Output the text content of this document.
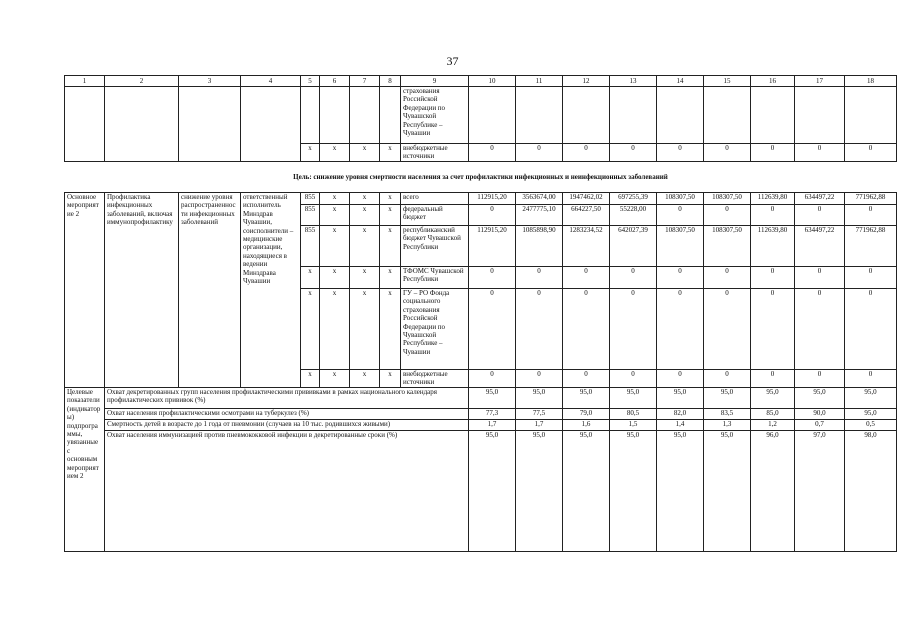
37
1	2	3	4	5	6	7	8	9	10	11	12	13	14	15	16	17	18
								страхования Российской Федерации по Чувашской Республике – Чувашии									
				x	x	x	x	внебюджетные источники	0	0	0	0	0	0	0	0	0
Цель: снижение уровня смертности населения за счет профилактики инфекционных и неинфекционных заболеваний																	
Основное мероприятие 2	Профилактика инфекционных заболеваний, включая иммунопрофилактику	снижение уровня распространенности инфекционных заболеваний	ответственный исполнитель Минздрав Чувашии, соисполнители – медицинские организации, находящиеся в ведении Минздрава Чувашии	855	x	x	x	всего	112915,20	3563674,00	1947462,02	697255,39	108307,50	108307,50	112639,80	634497,22	771962,88
				855	x	x	x	федеральный бюджет	0	2477775,10	664227,50	55228,00	0	0	0	0	0
				855	x	x	x	республиканский бюджет Чувашской Республики	112915,20	1085898,90	1283234,52	642027,39	108307,50	108307,50	112639,80	634497,22	771962,88
				x	x	x	x	ТФОМС Чувашской Республики	0	0	0	0	0	0	0	0	0
				x	x	x	x	ГУ – РО Фонда социального страхования Российской Федерации по Чувашской Республике – Чувашии	0	0	0	0	0	0	0	0	0
				x	x	x	x	внебюджетные источники	0	0	0	0	0	0	0	0	0
Целевые показатели (индикаторы) подпрограммы, увязанные с основным мероприятием 2	Охват декретированных групп населения профилактическими прививками в рамках национального календаря профилактических прививок (%)								95,0	95,0	95,0	95,0	95,0	95,0	95,0	95,0	95,0
	Охват населения профилактическими осмотрами на туберкулез (%)								77,3	77,5	79,0	80,5	82,0	83,5	85,0	90,0	95,0
	Смертность детей в возрасте до 1 года от пневмонии (случаев на 10 тыс. родившихся живыми)								1,7	1,7	1,6	1,5	1,4	1,3	1,2	0,7	0,5
	Охват населения иммунизацией против пневмококковой инфекции в декретированные сроки (%)								95,0	95,0	95,0	95,0	95,0	95,0	96,0	97,0	98,0
